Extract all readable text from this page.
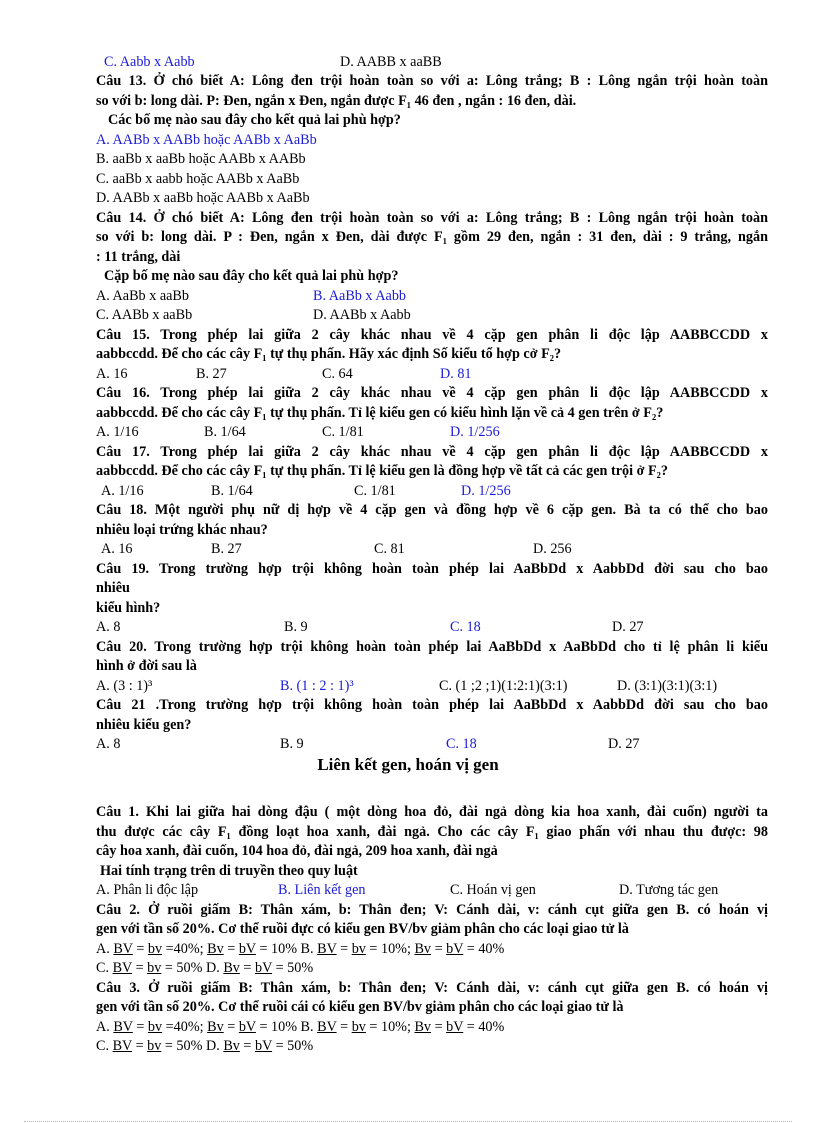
C. Aabb x Aabb	D. AABB x aaBB
Câu 13. Ở chó biết A: Lông đen trội hoàn toàn so với a: Lông trắng; B : Lông ngắn trội hoàn toàn
so với b: long dài. P: Đen, ngắn x Đen, ngắn được F₁ 46 đen , ngắn : 16 đen, dài.
Các bố mẹ nào sau đây cho kết quả lai phù hợp?
A. AABb x AABb hoặc AABb x AaBb
B. aaBb x aaBb hoặc AABb x AABb
C. aaBb x aabb hoặc AABb x AaBb
D. AABb x aaBb hoặc AABb x AaBb
Câu 14. Ở chó biết A: Lông đen trội hoàn toàn so với a: Lông trắng; B : Lông ngắn trội hoàn toàn
so với b: long dài. P : Đen, ngắn x Đen, dài được F₁ gồm 29 đen, ngắn : 31 đen, dài : 9 trắng, ngắn
: 11 trắng, dài
Cặp bố mẹ nào sau đây cho kết quả lai phù hợp?
A. AaBb x aaBb	B. AaBb x Aabb
C. AABb x aaBb	D. AABb x Aabb
Câu 15. Trong phép lai giữa 2 cây khác nhau về 4 cặp gen phân li độc lập AABBCCDD x
aabbccdd. Để cho các cây F₁ tự thụ phấn. Hãy xác định Số kiểu tổ hợp cở F₂?
A. 16	B. 27	C. 64	D. 81
Câu 16. Trong phép lai giữa 2 cây khác nhau về 4 cặp gen phân li độc lập AABBCCDD x
aabbccdd. Để cho các cây F₁ tự thụ phấn. Tỉ lệ kiểu gen có kiểu hình lặn về cả 4 gen trên ở F₂?
A. 1/16	B. 1/64	C. 1/81	D. 1/256
Câu 17. Trong phép lai giữa 2 cây khác nhau về 4 cặp gen phân li độc lập AABBCCDD x
aabbccdd. Để cho các cây F₁ tự thụ phấn. Tỉ lệ kiểu gen là đồng hợp về tất cả các gen trội ở F₂?
A. 1/16	B. 1/64	C. 1/81	D. 1/256
Câu 18. Một người phụ nữ dị hợp về 4 cặp gen và đồng hợp về 6 cặp gen. Bà ta có thể cho bao
nhiêu loại trứng khác nhau?
A. 16	B. 27	C. 81	D. 256
Câu 19. Trong trường hợp trội không hoàn toàn phép lai AaBbDd x AabbDd đời sau cho bao
nhiêu
kiểu hình?
A. 8	B. 9	C. 18	D. 27
Câu 20. Trong trường hợp trội không hoàn toàn phép lai AaBbDd x AaBbDd cho tỉ lệ phân li kiểu
hình ở đời sau là
A. (3 : 1)³	B. (1 : 2 : 1)³	C. (1 ;2 ;1)(1:2:1)(3:1)	D. (3:1)(3:1)(3:1)
Câu 21 .Trong trường hợp trội không hoàn toàn phép lai AaBbDd x AabbDd đời sau cho bao
nhiêu kiểu gen?
A. 8	B. 9	C. 18	D. 27
Liên kết gen, hoán vị gen
Câu 1. Khi lai giữa hai dòng đậu ( một dòng hoa đỏ, đài ngả dòng kia hoa xanh, đài cuốn) người ta
thu được các cây F₁ đồng loạt hoa xanh, đài ngả. Cho các cây F₁ giao phấn với nhau thu được: 98
cây hoa xanh, đài cuốn, 104 hoa đỏ, đài ngả, 209 hoa xanh, đài ngả
Hai tính trạng trên di truyền theo quy luật
A. Phân li độc lập	B. Liên kết gen	C. Hoán vị gen	D. Tương tác gen
Câu 2. Ở ruồi giấm B: Thân xám, b: Thân đen; V: Cánh dài, v: cánh cụt giữa gen B. có hoán vị
gen với tần số 20%. Cơ thể ruồi đực có kiểu gen BV/bv giảm phân cho các loại giao tử là
A. BV = bv =40%; Bv = bV = 10% B. BV = bv = 10%; Bv = bV = 40%
C. BV = bv = 50% D. Bv = bV = 50%
Câu 3. Ở ruồi giấm B: Thân xám, b: Thân đen; V: Cánh dài, v: cánh cụt giữa gen B. có hoán vị
gen với tần số 20%. Cơ thể ruồi cái có kiểu gen BV/bv giảm phân cho các loại giao tử là
A. BV = bv =40%; Bv = bV = 10% B. BV = bv = 10%; Bv = bV = 40%
C. BV = bv = 50% D. Bv = bV = 50%
